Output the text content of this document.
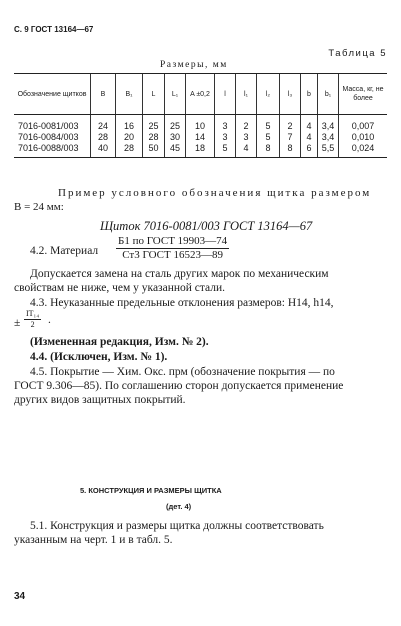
С. 9 ГОСТ 13164—67
Таблица 5
Размеры, мм
Обозначение щитков	B	B₁	L	L₁	A ±0,2	l	l₁	l₂	l₃	b	b₁	Масса, кг, не более
7016-0081/003	24	16	25	25	10	3	2	5	2	4	3,4	0,007
7016-0084/003	28	20	28	30	14	3	3	5	7	4	3,4	0,010
7016-0088/003	40	28	50	45	18	5	4	8	8	6	5,5	0,024
Пример условного обозначения щитка размером
B = 24 мм:
Щиток 7016-0081/003 ГОСТ 13164—67
4.2. Материал
Б1 по ГОСТ 19903—74
Ст3 ГОСТ 16523—89
Допускается замена на сталь других марок по механическим
свойствам не ниже, чем у указанной стали.
4.3. Неуказанные предельные отклонения размеров: H14, h14,
± $\frac{\text{IT₁₄}}{2}$ .
(Измененная редакция, Изм. № 2).
4.4. (Исключен, Изм. № 1).
4.5. Покрытие — Хим. Окс. прм (обозначение покрытия — по
ГОСТ 9.306—85). По соглашению сторон допускается применение
других видов защитных покрытий.
5. КОНСТРУКЦИЯ И РАЗМЕРЫ ЩИТКА
(дет. 4)
5.1. Конструкция и размеры щитка должны соответствовать
указанным на черт. 1 и в табл. 5.
34
